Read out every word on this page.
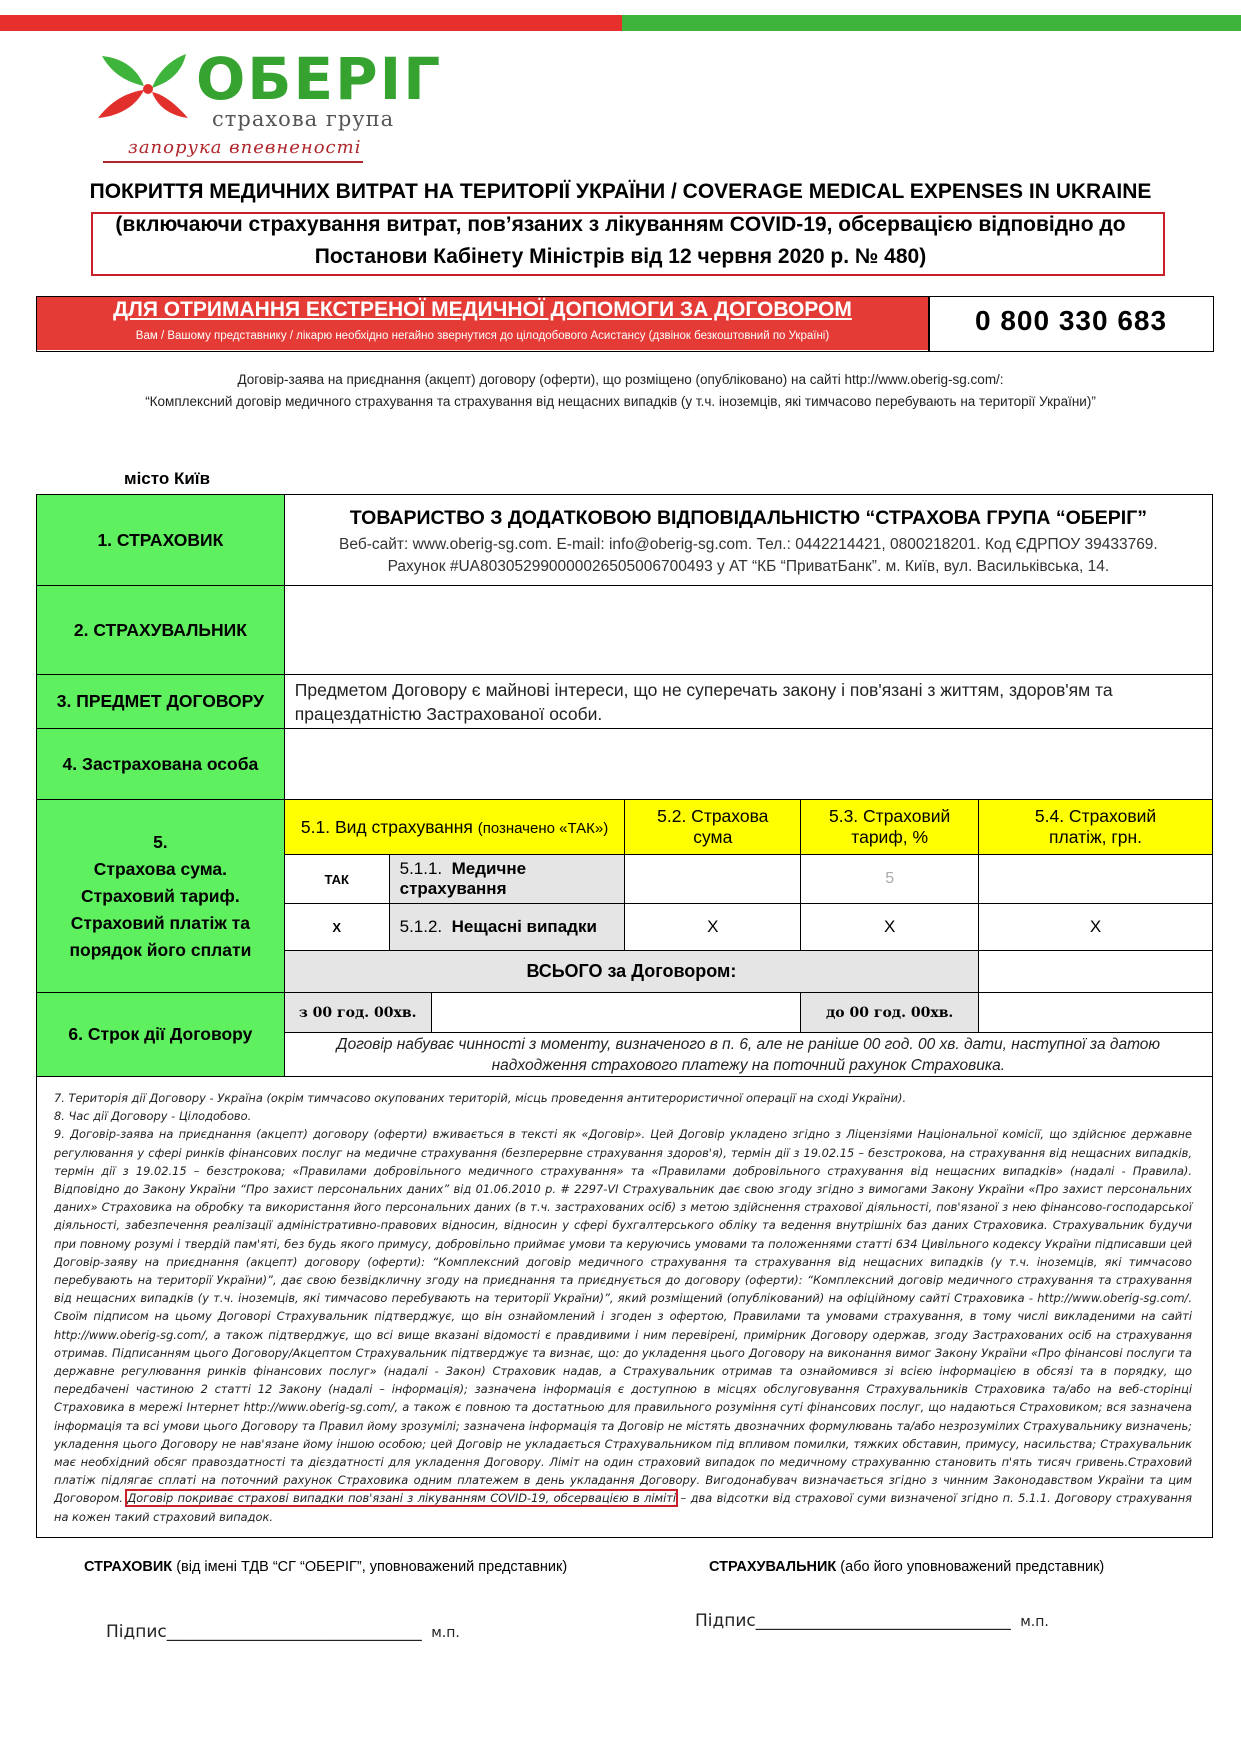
ОБЕРІГ
страхова група
запорука впевненості
ПОКРИТТЯ МЕДИЧНИХ ВИТРАТ НА ТЕРИТОРІЇ УКРАЇНИ / COVERAGE MEDICAL EXPENSES IN UKRAINE
(включаючи страхування витрат, пов’язаних з лікуванням COVID-19, обсервацією відповідно до
Постанови Кабінету Міністрів від 12 червня 2020 р. № 480)
ДЛЯ ОТРИМАННЯ ЕКСТРЕНОЇ МЕДИЧНОЇ ДОПОМОГИ ЗА ДОГОВОРОМ
Вам / Вашому представнику / лікарю необхідно негайно звернутися до цілодобового Асистансу (дзвінок безкоштовний по Україні)	0 800 330 683
Договір-заява на приєднання (акцепт) договору (оферти), що розміщено (опубліковано) на сайті http://www.oberig-sg.com/:
“Комплексний договір медичного страхування та страхування від нещасних випадків (у т.ч. іноземців, які тимчасово перебувають на території України)”
місто Київ
1. СТРАХОВИК	ТОВАРИСТВО З ДОДАТКОВОЮ ВІДПОВІДАЛЬНІСТЮ “СТРАХОВА ГРУПА “ОБЕРІГ”
Веб-сайт: www.oberig-sg.com. E-mail: info@oberig-sg.com. Тел.: 0442214421, 0800218201. Код ЄДРПОУ 39433769.
Рахунок #UA803052990000026505006700493 у АТ “КБ “ПриватБанк”. м. Київ, вул. Васильківська, 14.					

2. СТРАХУВАЛЬНИК						
3. ПРЕДМЕТ ДОГОВОРУ	Предметом Договору є майнові інтереси, що не суперечать закону і пов'язані з життям, здоров'ям та працездатністю Застрахованої особи.					
4. Застрахована особа						

5.
Страхова сума.
Страховий тариф.
Страховий платіж та
порядок його сплати	5.1. Вид страхування (позначено «ТАК»)			5.2. Страхова сума	5.3. Страховий тариф, %	5.4. Страховий платіж, грн.
	ТАК	5.1.1. Медичне страхування			5	
	Х	5.1.2. Нещасні випадки		Х	Х	Х
	ВСЬОГО за Договором:					
6. Строк дії Договору	з 00 год. 00хв.				до 00 год. 00хв.	
	Договір набуває чинності з моменту, визначеного в п. 6, але не раніше 00 год. 00 хв. дати, наступної за датою надходження страхового платежу на поточний рахунок Страховика.					
7. Територія дії Договору - Україна (окрім тимчасово окупованих територій, місць проведення антитерористичної операції на сході України).
8. Час дії Договору - Цілодобово.
9. Договір-заява на приєднання (акцепт) договору (оферти) вживається в тексті як «Договір». Цей Договір укладено згідно з Ліцензіями Національної комісії, що здійснює державне регулювання у сфері ринків фінансових послуг на медичне страхування (безперервне страхування здоров'я), термін дії з 19.02.15 – безстрокова, на страхування від нещасних випадків, термін дії з 19.02.15 – безстрокова; «Правилами добровільного медичного страхування» та «Правилами добровільного страхування від нещасних випадків» (надалі - Правила). Відповідно до Закону України “Про захист персональних даних” від 01.06.2010 р. # 2297-VI Страхувальник дає свою згоду згідно з вимогами Закону України «Про захист персональних даних» Страховика на обробку та використання його персональних даних (в т.ч. застрахованих осіб) з метою здійснення страхової діяльності, пов'язаної з нею фінансово-господарської діяльності, забезпечення реалізації адміністративно-правових відносин, відносин у сфері бухгалтерського обліку та ведення внутрішніх баз даних Страховика. Страхувальник будучи при повному розумі і твердій пам'яті, без будь якого примусу, добровільно приймає умови та керуючись умовами та положеннями статті 634 Цивільного кодексу України підписавши цей Договір-заяву на приєднання (акцепт) договору (оферти): “Комплексний договір медичного страхування та страхування від нещасних випадків (у т.ч. іноземців, які тимчасово перебувають на території України)”, дає свою безвідкличну згоду на приєднання та приєднується до договору (оферти): “Комплексний договір медичного страхування та страхування від нещасних випадків (у т.ч. іноземців, які тимчасово перебувають на території України)”, який розміщений (опублікований) на офіційному сайті Страховика - http://www.oberig-sg.com/. Своїм підписом на цьому Договорі Страхувальник підтверджує, що він ознайомлений і згоден з офертою, Правилами та умовами страхування, в тому числі викладеними на сайті http://www.oberig-sg.com/, а також підтверджує, що всі вище вказані відомості є правдивими і ним перевірені, примірник Договору одержав, згоду Застрахованих осіб на страхування отримав. Підписанням цього Договору/Акцептом Страхувальник підтверджує та визнає, що: до укладення цього Договору на виконання вимог Закону України «Про фінансові послуги та державне регулювання ринків фінансових послуг» (надалі - Закон) Страховик надав, а Страхувальник отримав та ознайомився зі всією інформацією в обсязі та в порядку, що передбачені частиною 2 статті 12 Закону (надалі – інформація); зазначена інформація є доступною в місцях обслуговування Страхувальників Страховика та/або на веб-сторінці Страховика в мережі Інтернет http://www.oberig-sg.com/, а також є повною та достатньою для правильного розуміння суті фінансових послуг, що надаються Страховиком; вся зазначена інформація та всі умови цього Договору та Правил йому зрозумілі; зазначена інформація та Договір не містять двозначних формулювань та/або незрозумілих Страхувальнику визначень; укладення цього Договору не нав'язане йому іншою особою; цей Договір не укладається Страхувальником під впливом помилки, тяжких обставин, примусу, насильства; Страхувальник має необхідний обсяг правоздатності та дієздатності для укладення Договору. Ліміт на один страховий випадок по медичному страхуванню становить п'ять тисяч гривень.Страховий платіж підлягає сплаті на поточний рахунок Страховика одним платежем в день укладання Договору. Вигодонабувач визначається згідно з чинним Законодавством України та цим Договором. Договір покриває страхові випадки пов'язані з лікуванням COVID-19, обсервацією в ліміті – два відсотки від страхової суми визначеної згідно п. 5.1.1. Договору страхування на кожен такий страховий випадок.
СТРАХОВИК (від імені ТДВ “СГ “ОБЕРІГ”, уповноважений представник)	СТРАХУВАЛЬНИК (або його уповноважений представник)
Підпис______________________________ м.п.
Підпис______________________________ м.п.
